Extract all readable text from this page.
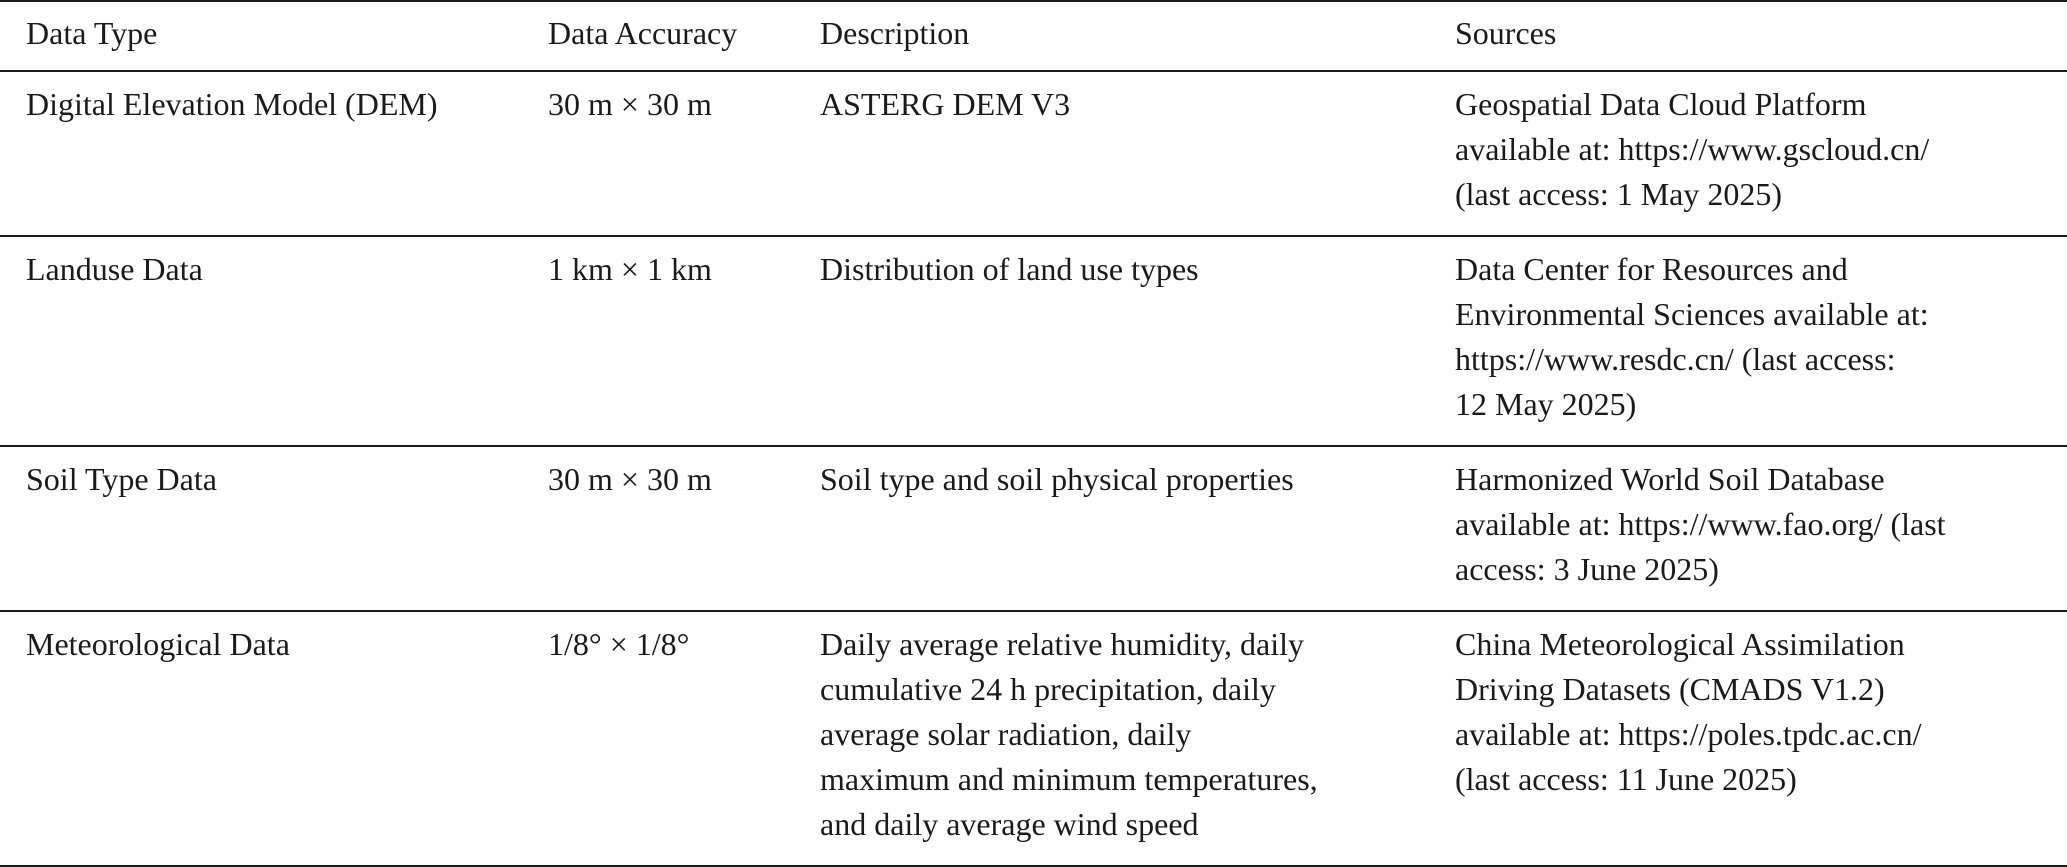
Data Type	Data Accuracy	Description	Sources
Digital Elevation Model (DEM)	30 m × 30 m	ASTERG DEM V3	Geospatial Data Cloud Platform
available at: https://www.gscloud.cn/
(last access: 1 May 2025)

Landuse Data	1 km × 1 km	Distribution of land use types	Data Center for Resources and
Environmental Sciences available at:
https://www.resdc.cn/ (last access:
12 May 2025)

Soil Type Data	30 m × 30 m	Soil type and soil physical properties	Harmonized World Soil Database
available at: https://www.fao.org/ (last
access: 3 June 2025)

Meteorological Data	1/8° × 1/8°	Daily average relative humidity, daily
cumulative 24 h precipitation, daily
average solar radiation, daily
maximum and minimum temperatures,
and daily average wind speed	China Meteorological Assimilation
Driving Datasets (CMADS V1.2)
available at: https://poles.tpdc.ac.cn/
(last access: 11 June 2025)
